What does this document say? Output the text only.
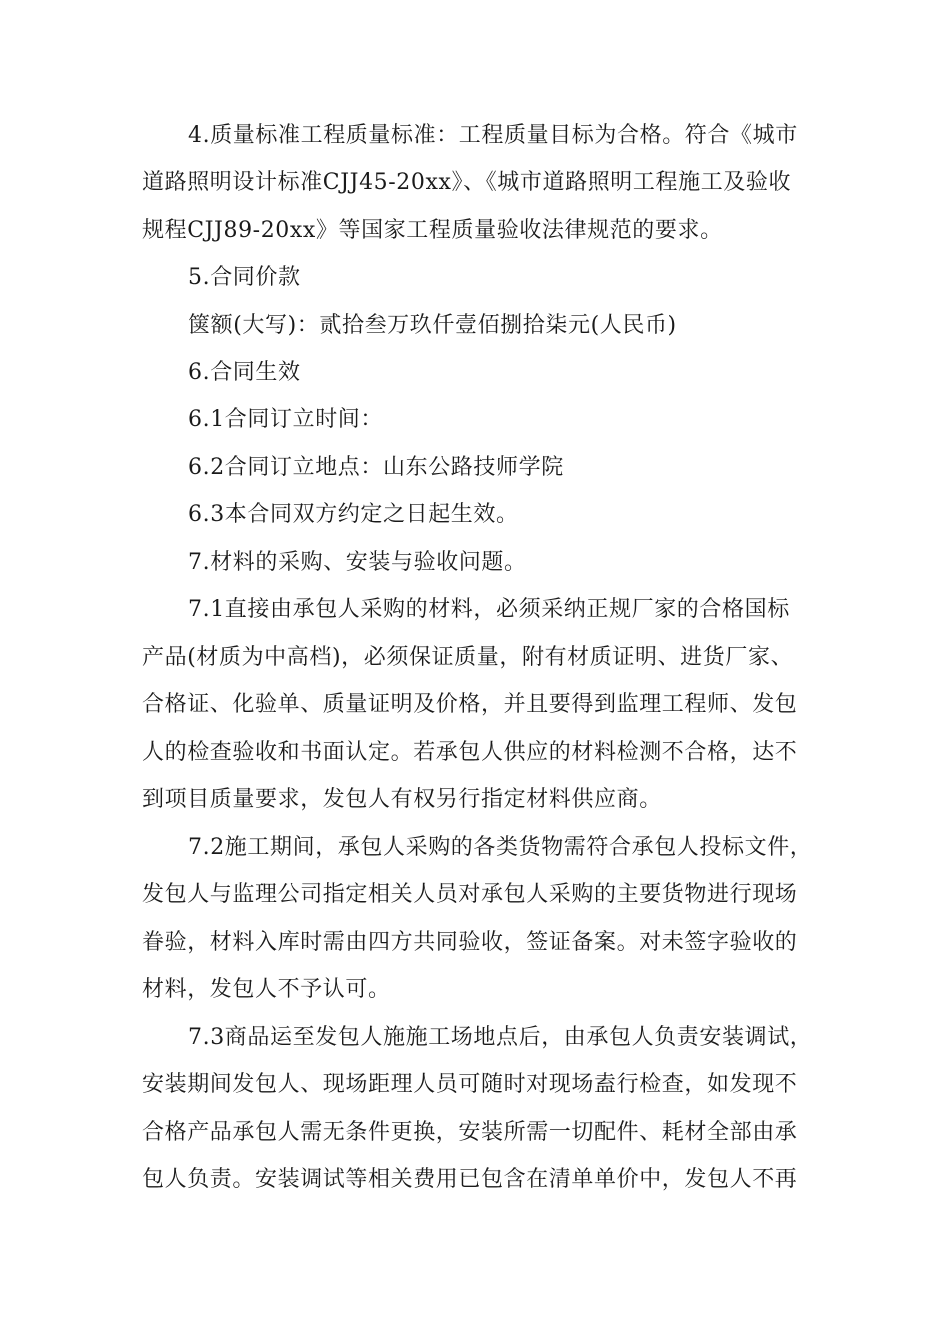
4.质量标准工程质量标准：工程质量目标为合格。符合《城市
道路照明设计标准CJJ45-20xx》、《城市道路照明工程施工及验收
规程CJJ89-20xx》等国家工程质量验收法律规范的要求。
5.合同价款
箧额(大写)：贰拾叁万玖仟壹佰捌拾柒元(人民币)
6.合同生效
6.1合同订立时间：
6.2合同订立地点：山东公路技师学院
6.3本合同双方约定之日起生效。
7.材料的采购、安装与验收问题。
7.1直接由承包人采购的材料，必须采纳正规厂家的合格国标
产品(材质为中高档)，必须保证质量，附有材质证明、进货厂家、
合格证、化验单、质量证明及价格，并且要得到监理工程师、发包
人的检查验收和书面认定。若承包人供应的材料检测不合格，达不
到项目质量要求，发包人有权另行指定材料供应商。
7.2施工期间，承包人采购的各类货物需符合承包人投标文件，
发包人与监理公司指定相关人员对承包人采购的主要货物进行现场
眷验，材料入库时需由四方共同验收，签证备案。对未签字验收的
材料，发包人不予认可。
7.3商品运至发包人施施工场地点后，由承包人负责安装调试，
安装期间发包人、现场距理人员可随时对现场盍行检查，如发现不
合格产品承包人需无条件更换，安装所需一切配件、耗材全部由承
包人负责。安装调试等相关费用已包含在清单单价中，发包人不再
